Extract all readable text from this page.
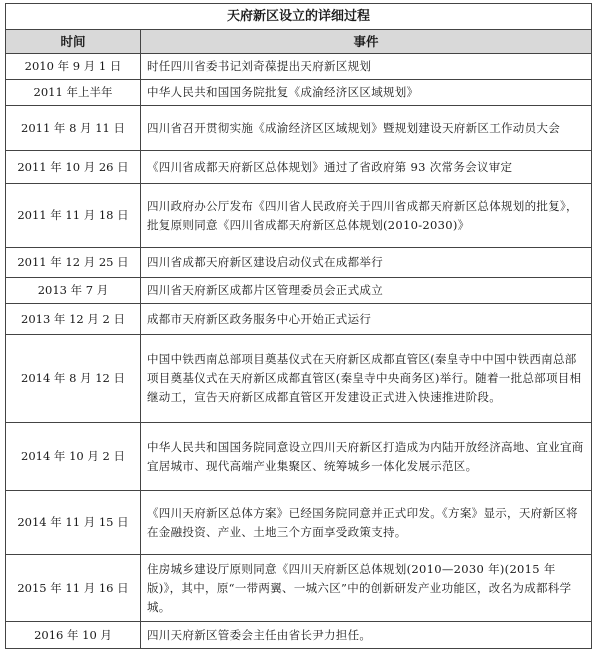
天府新区设立的详细过程	
时间	事件
2010 年 9 月 1 日	时任四川省委书记刘奇葆提出天府新区规划
2011 年上半年	中华人民共和国国务院批复《成渝经济区区域规划》
2011 年 8 月 11 日	四川省召开贯彻实施《成渝经济区区域规划》暨规划建设天府新区工作动员大会
2011 年 10 月 26 日	《四川省成都天府新区总体规划》通过了省政府第 93 次常务会议审定
2011 年 11 月 18 日	四川政府办公厅发布《四川省人民政府关于四川省成都天府新区总体规划的批复》，批复原则同意《四川省成都天府新区总体规划(2010-2030)》
2011 年 12 月 25 日	四川省成都天府新区建设启动仪式在成都举行
2013 年 7 月	四川省天府新区成都片区管理委员会正式成立
2013 年 12 月 2 日	成都市天府新区政务服务中心开始正式运行
2014 年 8 月 12 日	中国中铁西南总部项目奠基仪式在天府新区成都直管区(秦皇寺中中国中铁西南总部项目奠基仪式在天府新区成都直管区(秦皇寺中央商务区)举行。随着一批总部项目相继动工，宣告天府新区成都直管区开发建设正式进入快速推进阶段。
2014 年 10 月 2 日	中华人民共和国国务院同意设立四川天府新区打造成为内陆开放经济高地、宜业宜商宜居城市、现代高端产业集聚区、统筹城乡一体化发展示范区。
2014 年 11 月 15 日	《四川天府新区总体方案》已经国务院同意并正式印发。《方案》显示，天府新区将在金融投资、产业、土地三个方面享受政策支持。
2015 年 11 月 16 日	住房城乡建设厅原则同意《四川天府新区总体规划(2010—2030 年)(2015 年版)》，其中，原“一带两翼、一城六区”中的创新研发产业功能区，改名为成都科学城。
2016 年 10 月	四川天府新区管委会主任由省长尹力担任。
